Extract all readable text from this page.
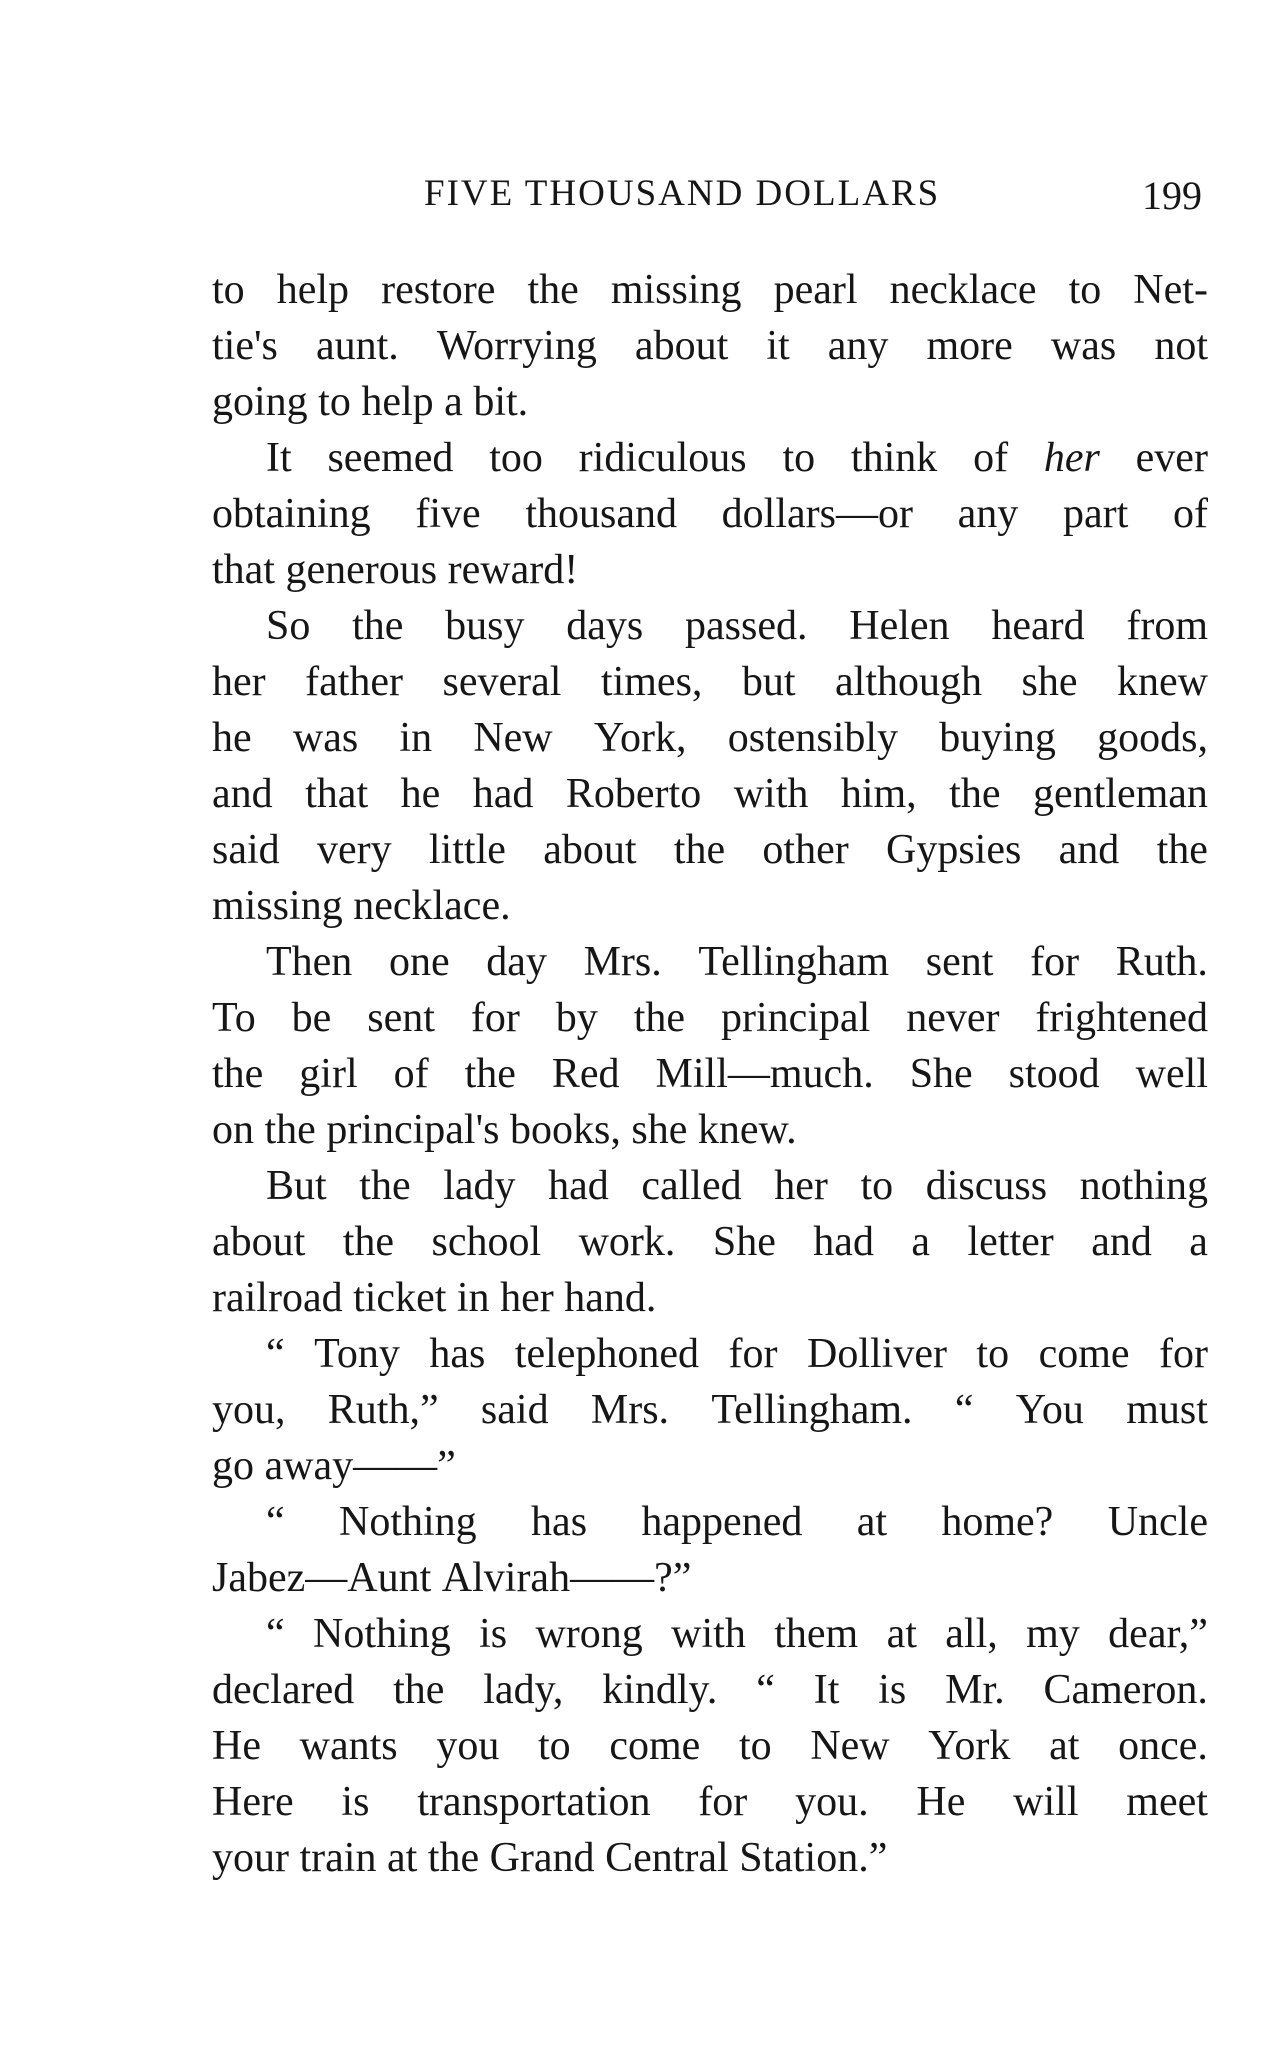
FIVE THOUSAND DOLLARS	199
to help restore the missing pearl necklace to Net-
tie's aunt. Worrying about it any more was not
going
to
help
a
bit.
It seemed too ridiculous to think of her ever
obtaining five thousand dollars—or any part of
that
generous
reward!
So the busy days passed. Helen heard from
her father several times, but although she knew
he was in New York, ostensibly buying goods,
and that he had Roberto with him, the gentleman
said very little about the other Gypsies and the
missing
necklace.
Then one day Mrs. Tellingham sent for Ruth.
To be sent for by the principal never frightened
the girl of the Red Mill—much. She stood well
on
the
principal's
books,
she
knew.
But the lady had called her to discuss nothing
about the school work. She had a letter and a
railroad
ticket
in
her
hand.
“ Tony has telephoned for Dolliver to come for
you, Ruth,” said Mrs. Tellingham. “ You must
go
away——”
“ Nothing has happened at home? Uncle
Jabez—Aunt
Alvirah——?”
“ Nothing is wrong with them at all, my dear,”
declared the lady, kindly. “ It is Mr. Cameron.
He wants you to come to New York at once.
Here is transportation for you. He will meet
your
train
at
the
Grand
Central
Station.”
